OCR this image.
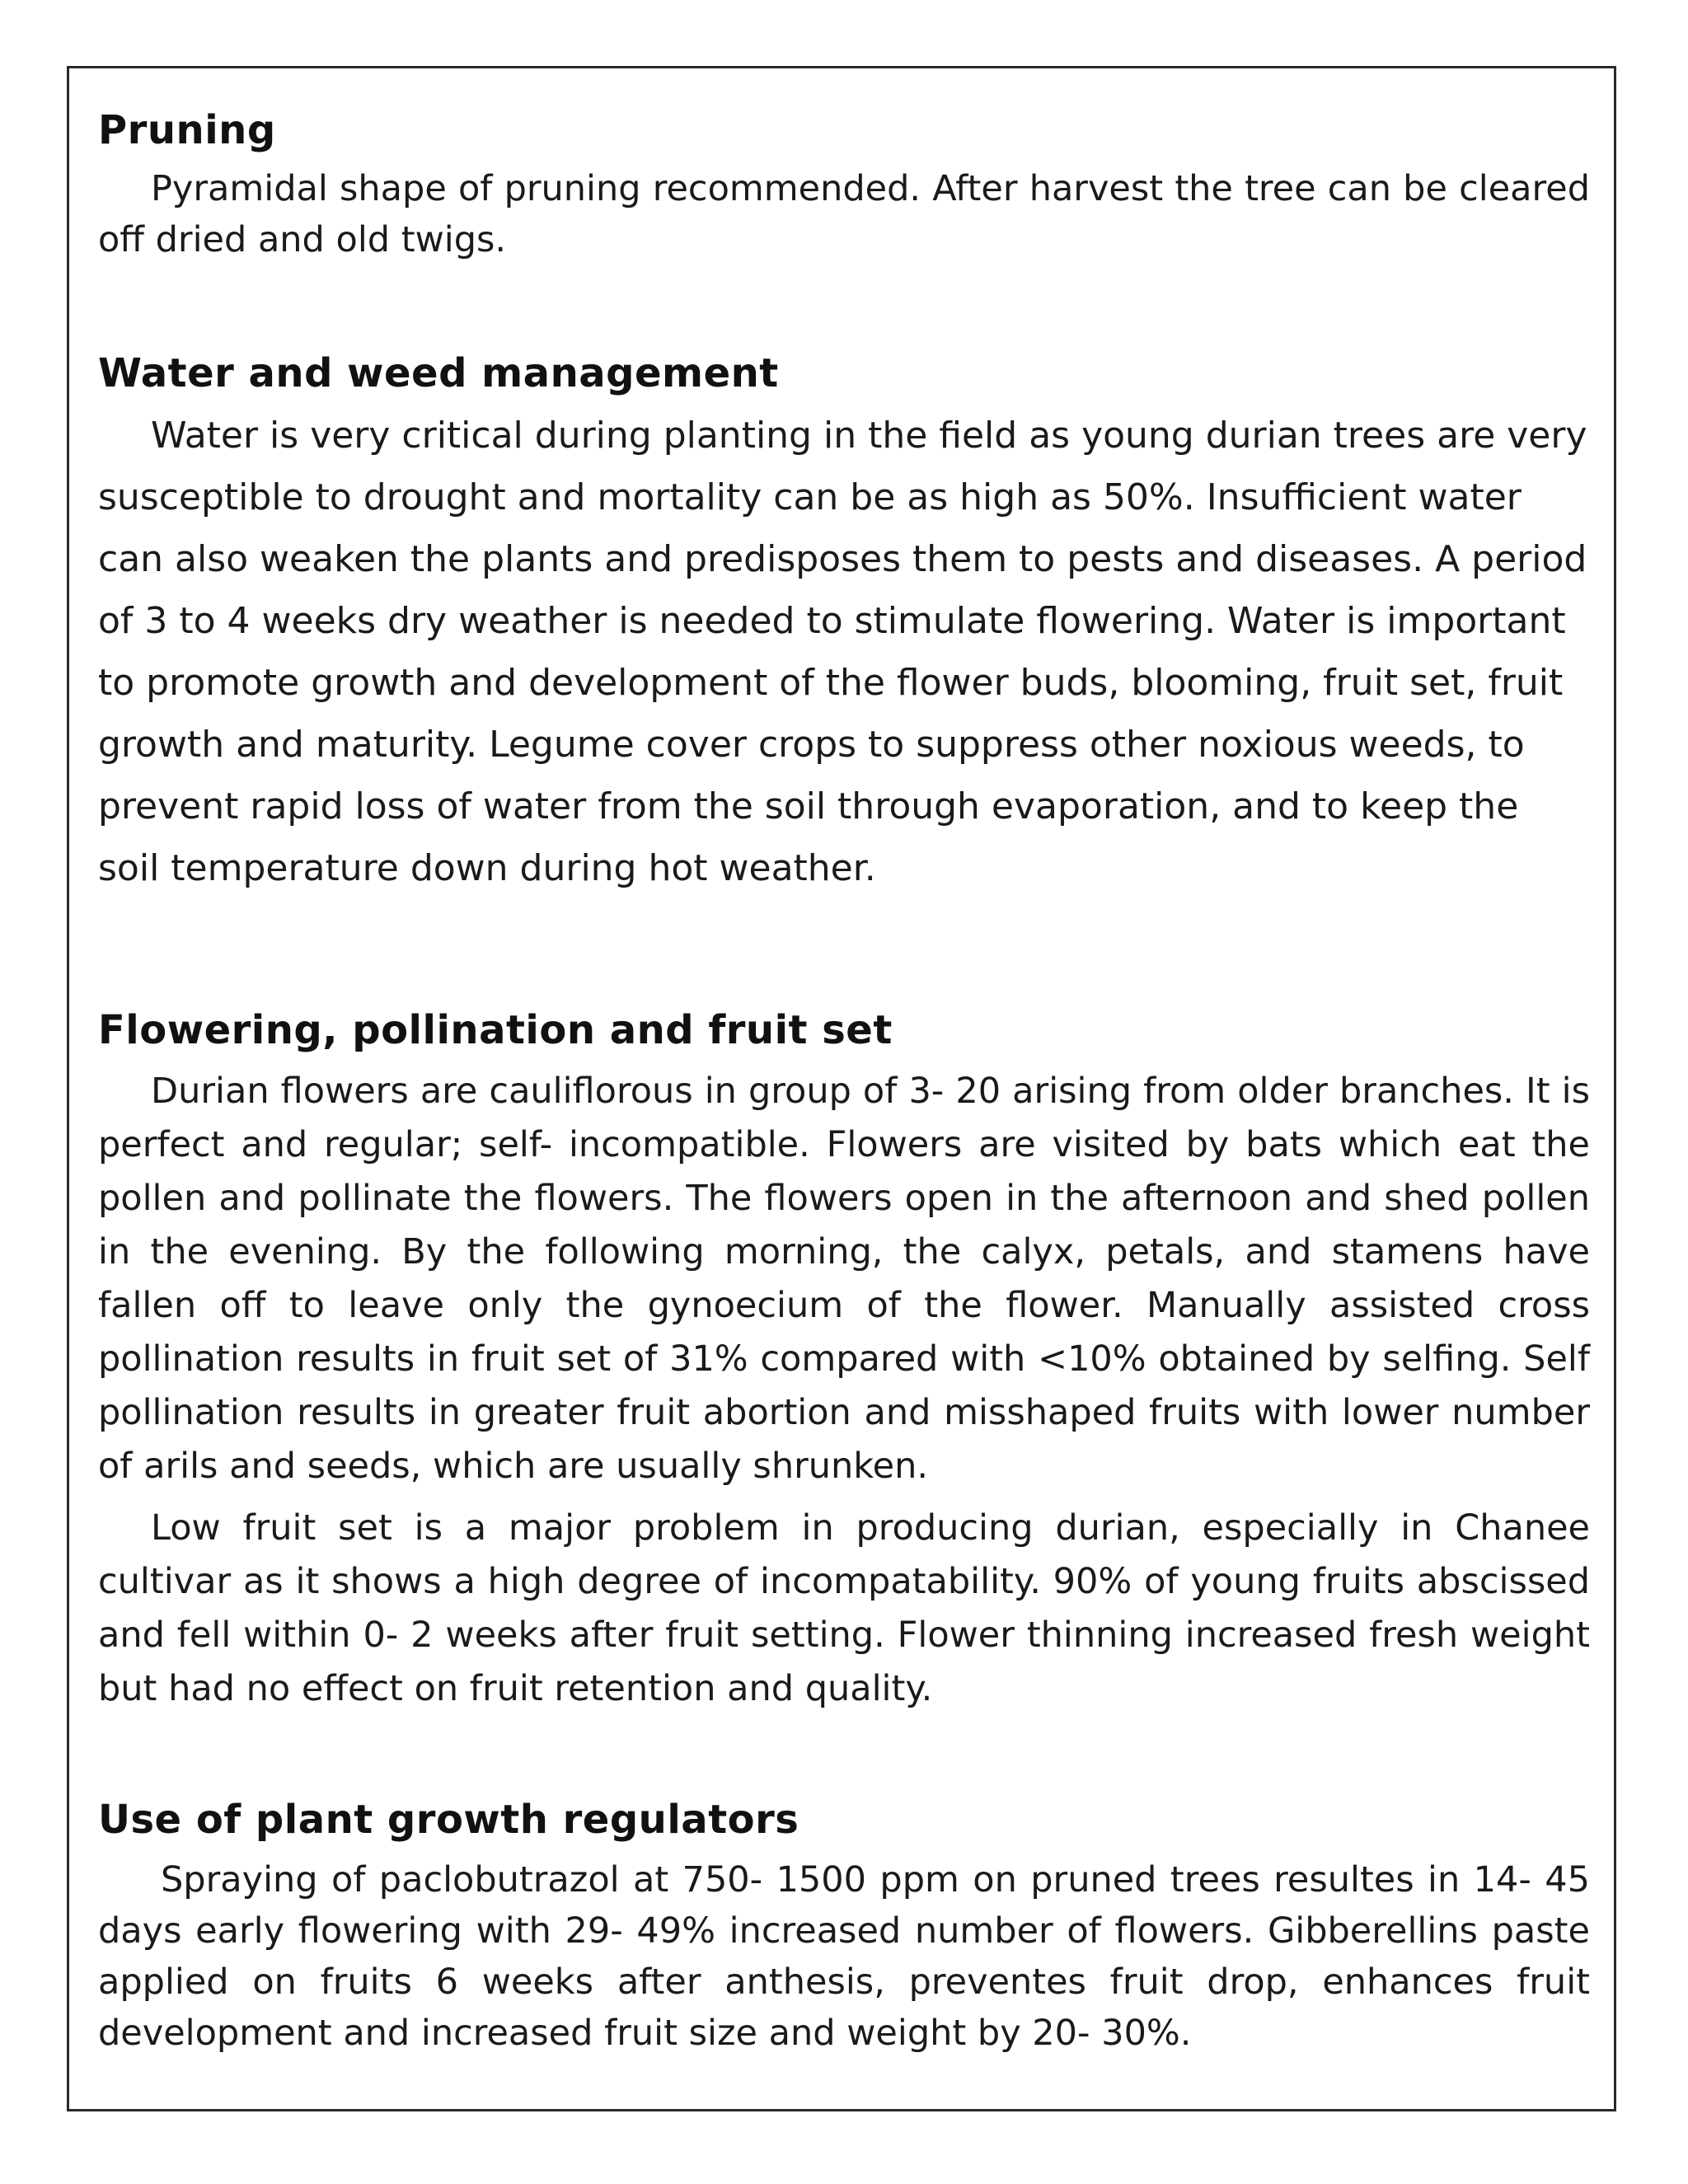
Pruning

Pyramidal shape of pruning recommended. After harvest the tree can be cleared off dried and old twigs.

Water and weed management

Water is very critical during planting in the field as young durian trees are very susceptible to drought and mortality can be as high as 50%. Insufficient water can also weaken the plants and predisposes them to pests and diseases. A period of 3 to 4 weeks dry weather is needed to stimulate flowering. Water is important to promote growth and development of the flower buds, blooming, fruit set, fruit growth and maturity. Legume cover crops to suppress other noxious weeds, to prevent rapid loss of water from the soil through evaporation, and to keep the soil temperature down during hot weather.

Flowering, pollination and fruit set

Durian flowers are cauliflorous in group of 3- 20 arising from older branches. It is perfect and regular; self- incompatible. Flowers are visited by bats which eat the pollen and pollinate the flowers. The flowers open in the afternoon and shed pollen in the evening. By the following morning, the calyx, petals, and stamens have fallen off to leave only the gynoecium of the flower. Manually assisted cross pollination results in fruit set of 31% compared with <10% obtained by selfing. Self pollination results in greater fruit abortion and misshaped fruits with lower number of arils and seeds, which are usually shrunken.

Low fruit set is a major problem in producing durian, especially in Chanee cultivar as it shows a high degree of incompatability. 90% of young fruits abscissed and fell within 0- 2 weeks after fruit setting. Flower thinning increased fresh weight but had no effect on fruit retention and quality.

Use of plant growth regulators

Spraying of paclobutrazol at 750- 1500 ppm on pruned trees resultes in 14- 45 days early flowering with 29- 49% increased number of flowers. Gibberellins paste applied on fruits 6 weeks after anthesis, preventes fruit drop, enhances fruit development and increased fruit size and weight by 20- 30%.
